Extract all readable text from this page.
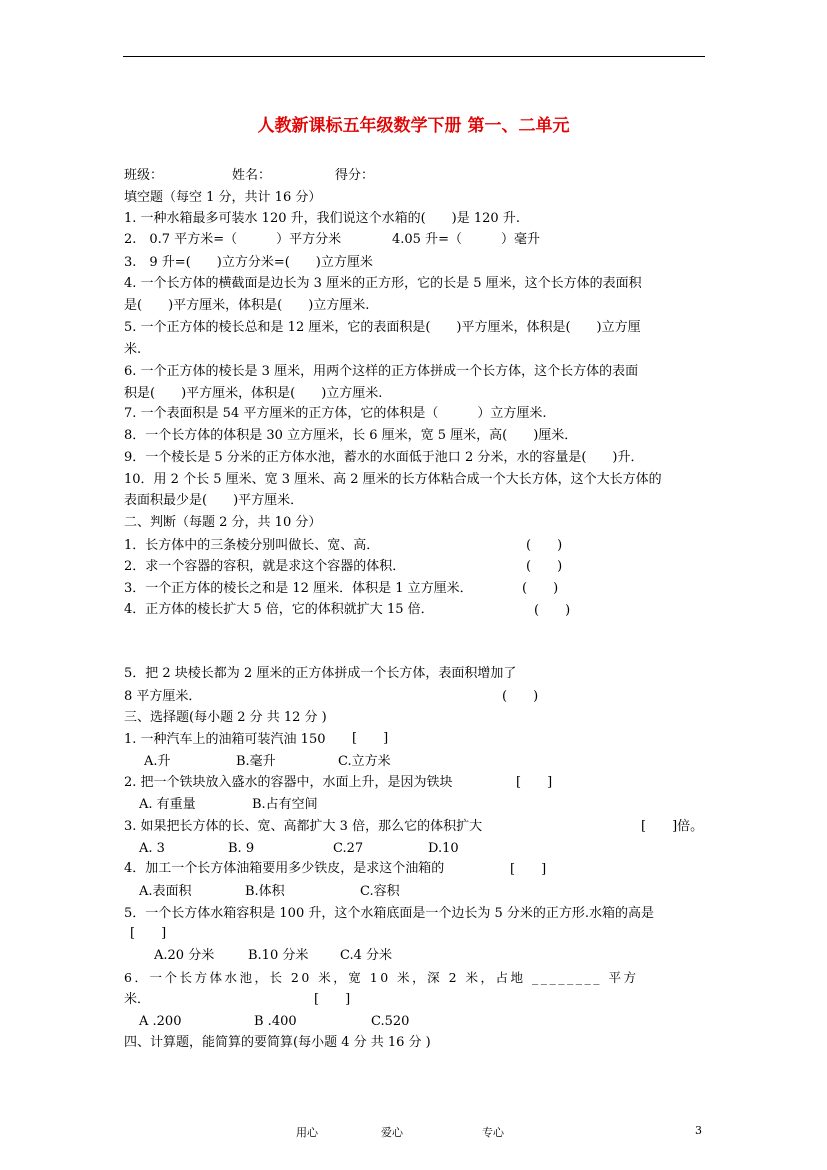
人教新课标五年级数学下册 第一、二单元
班级：	姓名：	得分：
填空题（每空 1 分，共计 16 分）
1. 一种水箱最多可装水 120 升，我们说这个水箱的(　　)是 120 升.
2.　0.7 平方米=（　　　）平方分米	4.05 升=（　　　）毫升
3.　9 升=(　　)立方分米=(　　)立方厘米
4. 一个长方体的横截面是边长为 3 厘米的正方形，它的长是 5 厘米，这个长方体的表面积
是(　　)平方厘米，体积是(　　)立方厘米.
5. 一个正方体的棱长总和是 12 厘米，它的表面积是(　　)平方厘米，体积是(　　)立方厘
米.
6. 一个正方体的棱长是 3 厘米，用两个这样的正方体拼成一个长方体，这个长方体的表面
积是(　　)平方厘米，体积是(　　)立方厘米.
7. 一个表面积是 54 平方厘米的正方体，它的体积是（　　　）立方厘米.
8．一个长方体的体积是 30 立方厘米，长 6 厘米，宽 5 厘米，高(　　)厘米．
9．一个棱长是 5 分米的正方体水池，蓄水的水面低于池口 2 分米，水的容量是(　　)升．
10．用 2 个长 5 厘米、宽 3 厘米、高 2 厘米的长方体粘合成一个大长方体，这个大长方体的
表面积最少是(　　)平方厘米．
二、判断（每题 2 分，共 10 分）
1．长方体中的三条棱分别叫做长、宽、高．	(　　)
2．求一个容器的容积，就是求这个容器的体积．	(　　)
3．一个正方体的棱长之和是 12 厘米．体积是 1 立方厘米．	(　　)
4．正方体的棱长扩大 5 倍，它的体积就扩大 15 倍．	(　　)
5．把 2 块棱长都为 2 厘米的正方体拼成一个长方体，表面积增加了
8 平方厘米．	(　　)
三、选择题(每小题 2 分 共 12 分 )
1. 一种汽车上的油箱可装汽油 150 [　　]
A.升	B.毫升	C.立方米
2. 把一个铁块放入盛水的容器中，水面上升，是因为铁块	[　　]
A. 有重量	B.占有空间
3. 如果把长方体的长、宽、高都扩大 3 倍，那么它的体积扩大	[　　]倍。
A. 3	B. 9	C.27	D.10
4．加工一个长方体油箱要用多少铁皮，是求这个油箱的	[　　]
A.表面积	B.体积	C.容积
5．一个长方体水箱容积是 100 升，这个水箱底面是一个边长为 5 分米的正方形.水箱的高是
[　　]
A.20 分米	B.10 分米 C.4 分米
6．一个长方体水池，长 20 米，宽 10 米，深 2 米，占地 ________ 平方
米．	[　　]
A .200	B .400	C.520
四、计算题，能简算的要简算(每小题 4 分 共 16 分 )
用心	爱心	专心	3
